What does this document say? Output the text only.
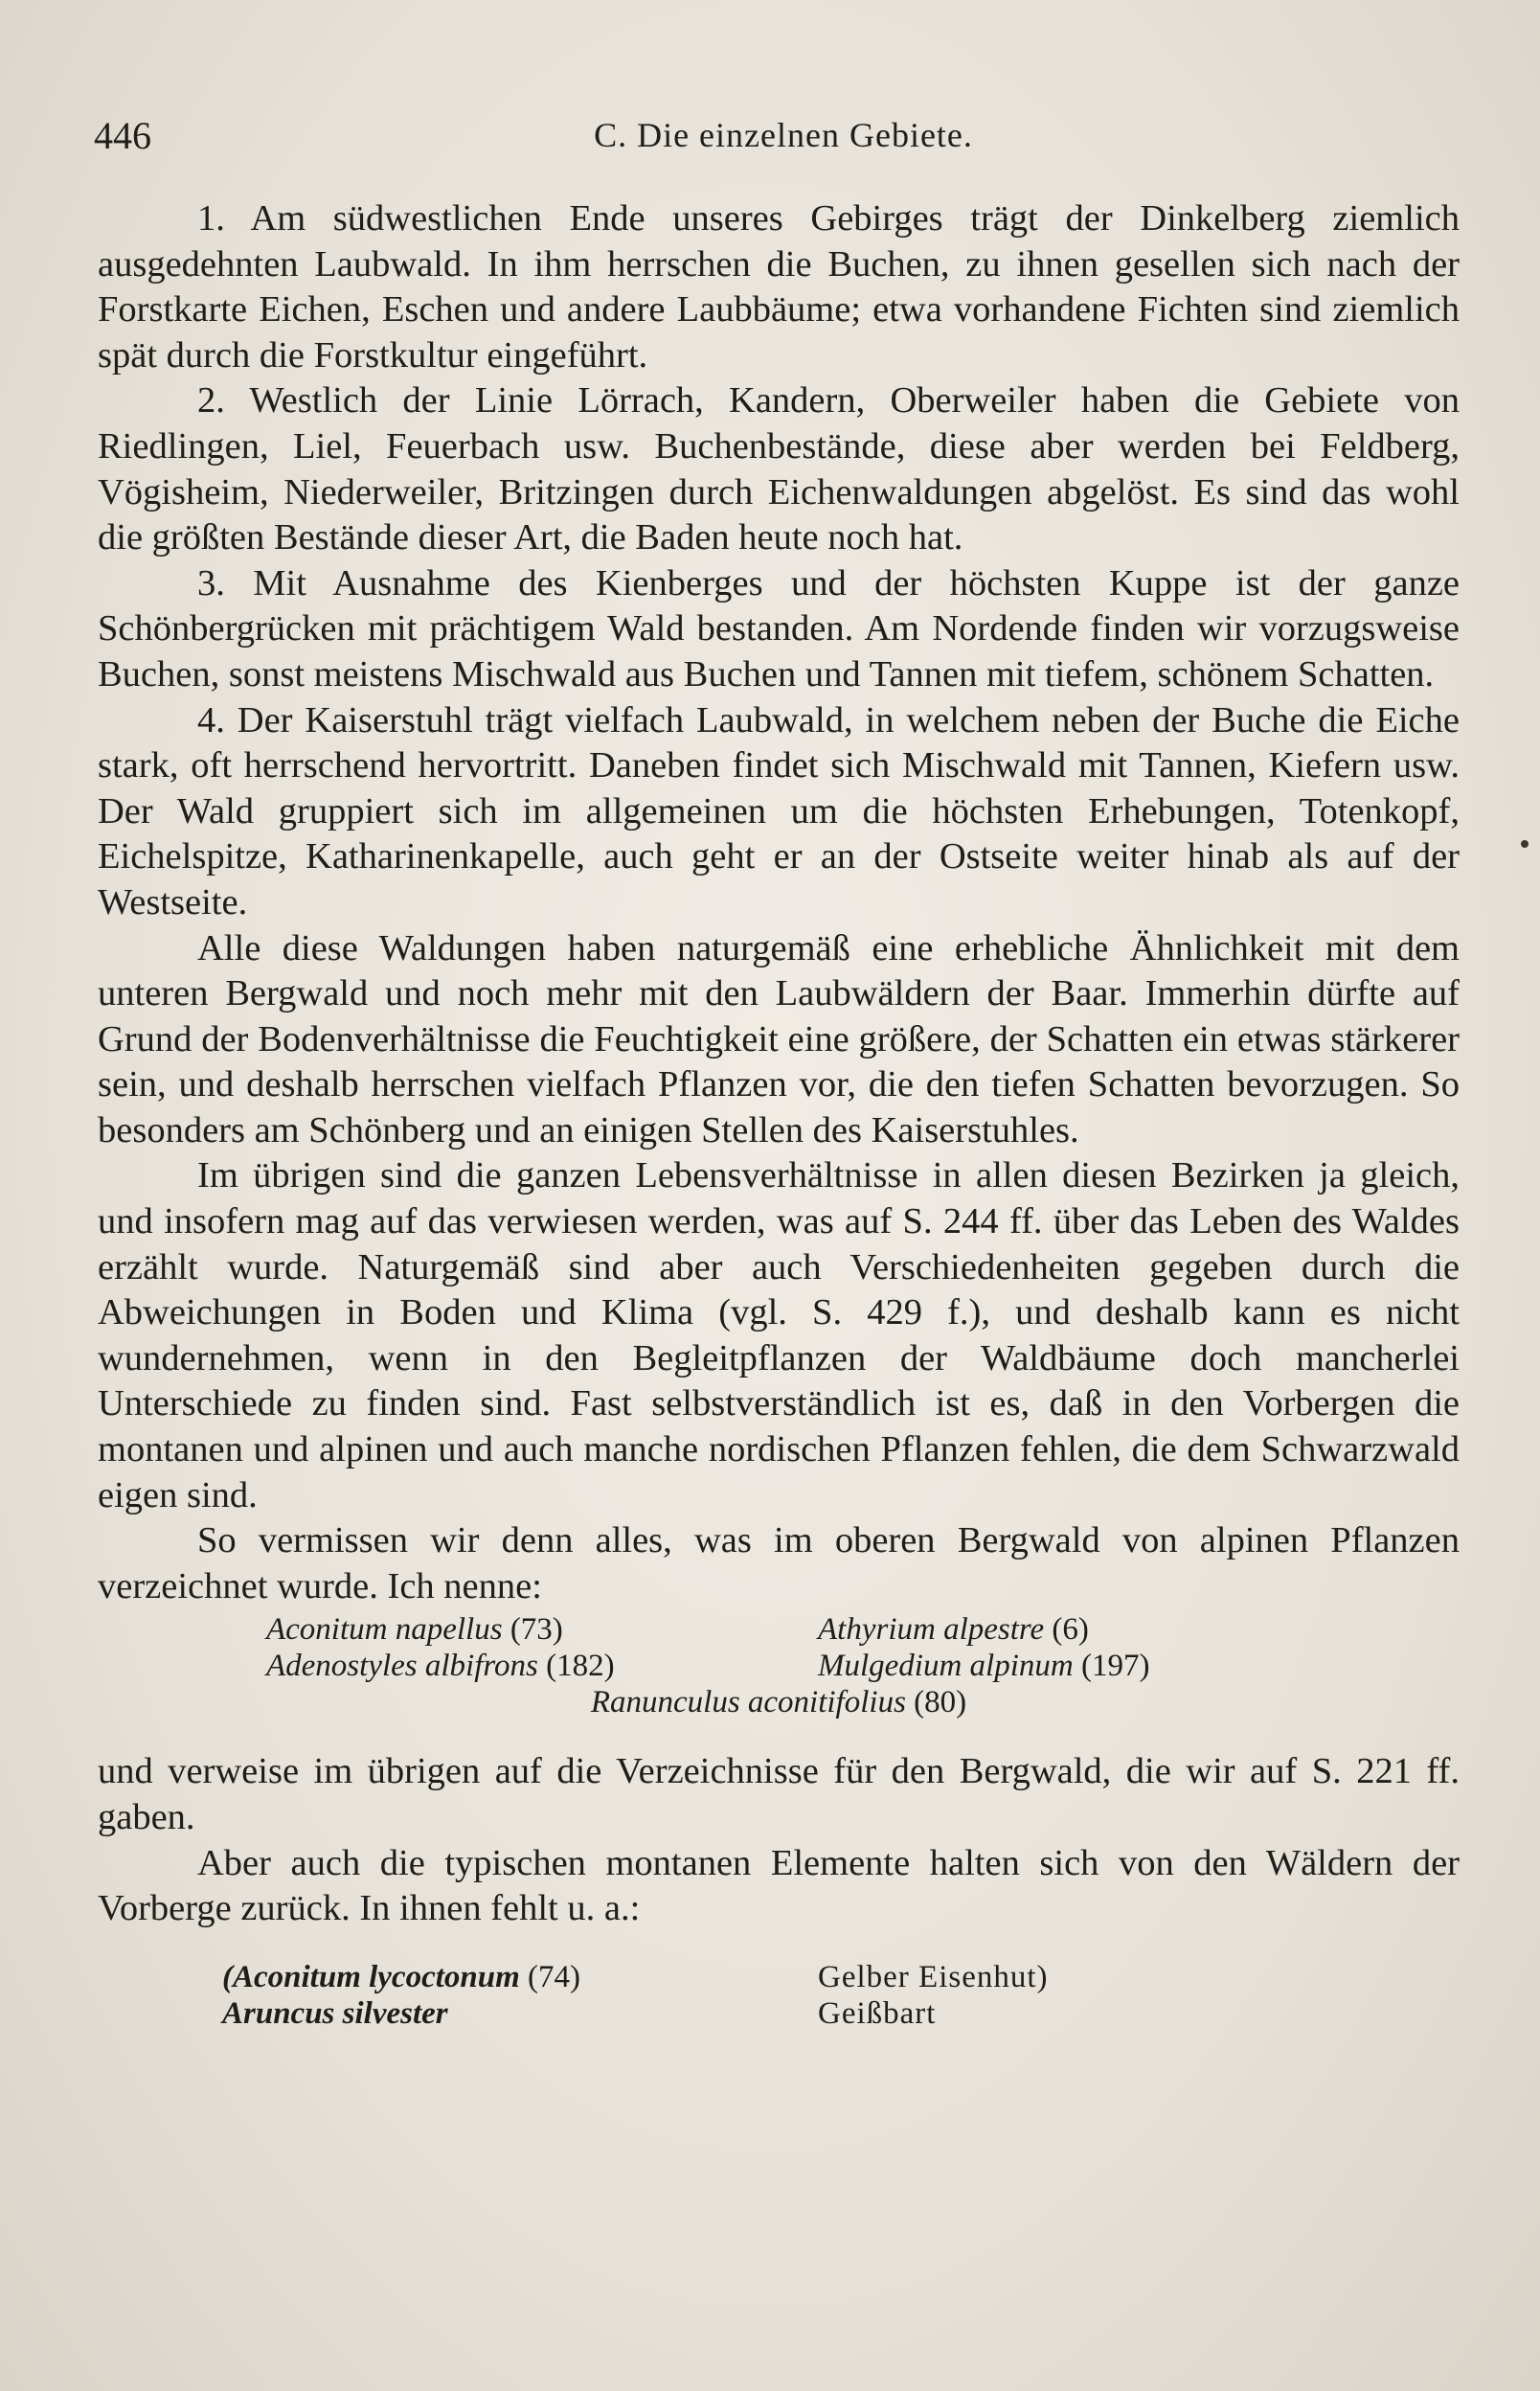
446	C. Die einzelnen Gebiete.

1. Am südwestlichen Ende unseres Gebirges trägt der Dinkelberg ziemlich ausgedehnten Laubwald. In ihm herrschen die Buchen, zu ihnen gesellen sich nach der Forstkarte Eichen, Eschen und andere Laubbäume; etwa vorhandene Fichten sind ziemlich spät durch die Forstkultur eingeführt.

2. Westlich der Linie Lörrach, Kandern, Oberweiler haben die Gebiete von Riedlingen, Liel, Feuerbach usw. Buchenbestände, diese aber werden bei Feldberg, Vögisheim, Niederweiler, Britzingen durch Eichenwaldungen abgelöst. Es sind das wohl die größten Bestände dieser Art, die Baden heute noch hat.

3. Mit Ausnahme des Kienberges und der höchsten Kuppe ist der ganze Schönbergrücken mit prächtigem Wald bestanden. Am Nordende finden wir vorzugsweise Buchen, sonst meistens Mischwald aus Buchen und Tannen mit tiefem, schönem Schatten.

4. Der Kaiserstuhl trägt vielfach Laubwald, in welchem neben der Buche die Eiche stark, oft herrschend hervortritt. Daneben findet sich Mischwald mit Tannen, Kiefern usw. Der Wald gruppiert sich im allgemeinen um die höchsten Erhebungen, Totenkopf, Eichelspitze, Katharinenkapelle, auch geht er an der Ostseite weiter hinab als auf der Westseite.

Alle diese Waldungen haben naturgemäß eine erhebliche Ähnlichkeit mit dem unteren Bergwald und noch mehr mit den Laubwäldern der Baar. Immerhin dürfte auf Grund der Bodenverhältnisse die Feuchtigkeit eine größere, der Schatten ein etwas stärkerer sein, und deshalb herrschen vielfach Pflanzen vor, die den tiefen Schatten bevorzugen. So besonders am Schönberg und an einigen Stellen des Kaiserstuhles.

Im übrigen sind die ganzen Lebensverhältnisse in allen diesen Bezirken ja gleich, und insofern mag auf das verwiesen werden, was auf S. 244 ff. über das Leben des Waldes erzählt wurde. Naturgemäß sind aber auch Verschiedenheiten gegeben durch die Abweichungen in Boden und Klima (vgl. S. 429 f.), und deshalb kann es nicht wundernehmen, wenn in den Begleitpflanzen der Waldbäume doch mancherlei Unterschiede zu finden sind. Fast selbstverständlich ist es, daß in den Vorbergen die montanen und alpinen und auch manche nordischen Pflanzen fehlen, die dem Schwarzwald eigen sind.

So vermissen wir denn alles, was im oberen Bergwald von alpinen Pflanzen verzeichnet wurde. Ich nenne:

Aconitum napellus (73)	Athyrium alpestre (6)
Adenostyles albifrons (182)	Mulgedium alpinum (197)
Ranunculus aconitifolius (80)

und verweise im übrigen auf die Verzeichnisse für den Bergwald, die wir auf S. 221 ff. gaben.

Aber auch die typischen montanen Elemente halten sich von den Wäldern der Vorberge zurück. In ihnen fehlt u. a.:

(Aconitum lycoctonum (74)	Gelber Eisenhut)
Aruncus silvester	Geißbart
